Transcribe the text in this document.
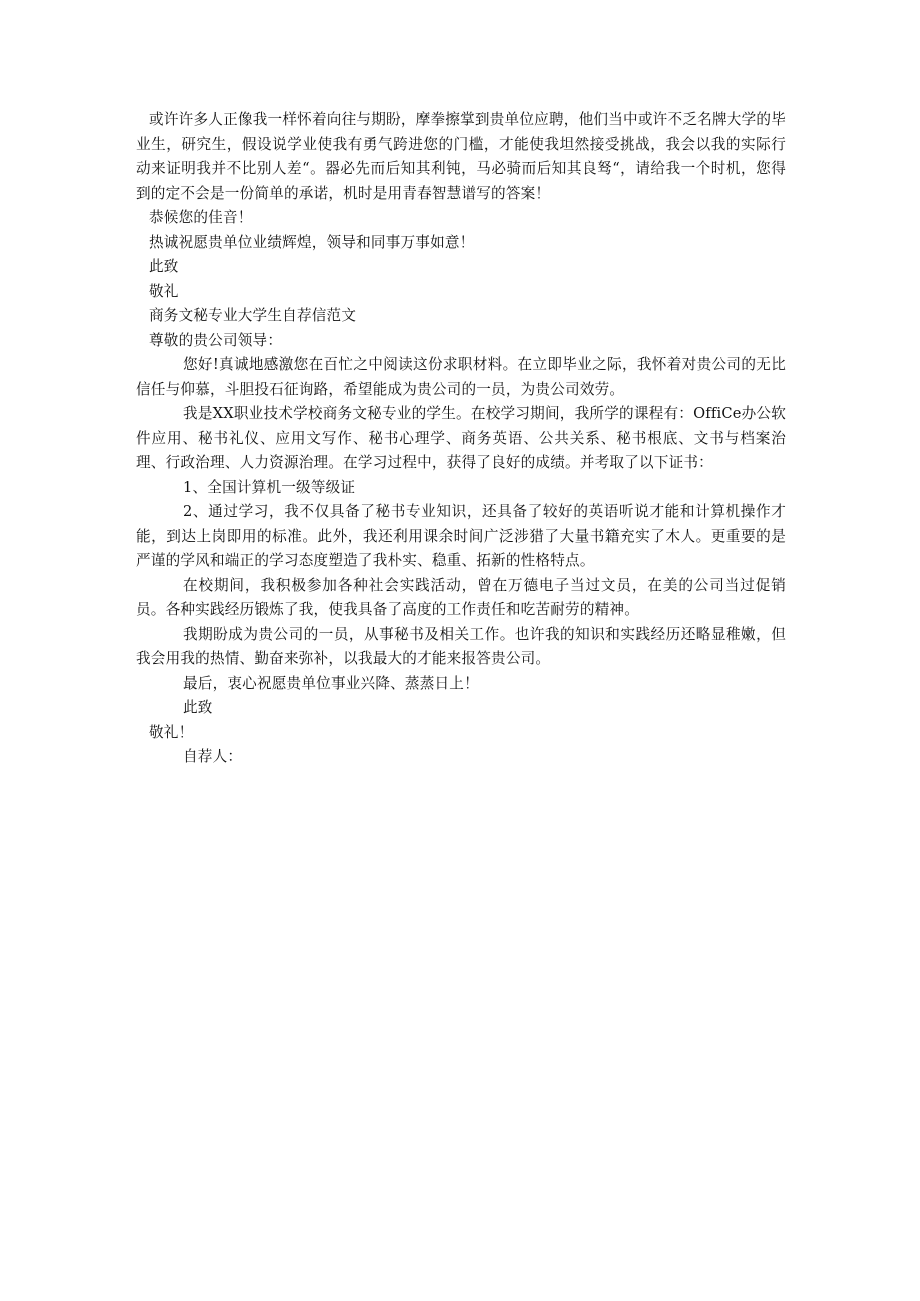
或许许多人正像我一样怀着向往与期盼，摩拳擦掌到贵单位应聘，他们当中或许不乏名牌大学的毕业生，研究生，假设说学业使我有勇气跨进您的门槛，才能使我坦然接受挑战，我会以我的实际行动来证明我并不比别人差“。器必先而后知其利钝，马必骑而后知其良驽“，请给我一个时机，您得到的定不会是一份简单的承诺，机时是用青春智慧谱写的答案！

恭候您的佳音！

热诚祝愿贵单位业绩辉煌，领导和同事万事如意！

此致

敬礼

商务文秘专业大学生自荐信范文

尊敬的贵公司领导：

您好!真诚地感激您在百忙之中阅读这份求职材料。在立即毕业之际，我怀着对贵公司的无比信任与仰慕，斗胆投石征询路，希望能成为贵公司的一员，为贵公司效劳。

我是XX职业技术学校商务文秘专业的学生。在校学习期间，我所学的课程有：OffiCe办公软件应用、秘书礼仪、应用文写作、秘书心理学、商务英语、公共关系、秘书根底、文书与档案治理、行政治理、人力资源治理。在学习过程中，获得了良好的成绩。并考取了以下证书：

1、全国计算机一级等级证

2、通过学习，我不仅具备了秘书专业知识，还具备了较好的英语听说才能和计算机操作才能，到达上岗即用的标准。此外，我还利用课余时间广泛涉猎了大量书籍充实了木人。更重要的是严谨的学风和端正的学习态度塑造了我朴实、稳重、拓新的性格特点。

在校期间，我积极参加各种社会实践活动，曾在万德电子当过文员，在美的公司当过促销员。各种实践经历锻炼了我，使我具备了高度的工作责任和吃苦耐劳的精神。

我期盼成为贵公司的一员，从事秘书及相关工作。也许我的知识和实践经历还略显稚嫩，但我会用我的热情、勤奋来弥补，以我最大的才能来报答贵公司。

最后，衷心祝愿贵单位事业兴降、蒸蒸日上！

此致

敬礼！

自荐人：
